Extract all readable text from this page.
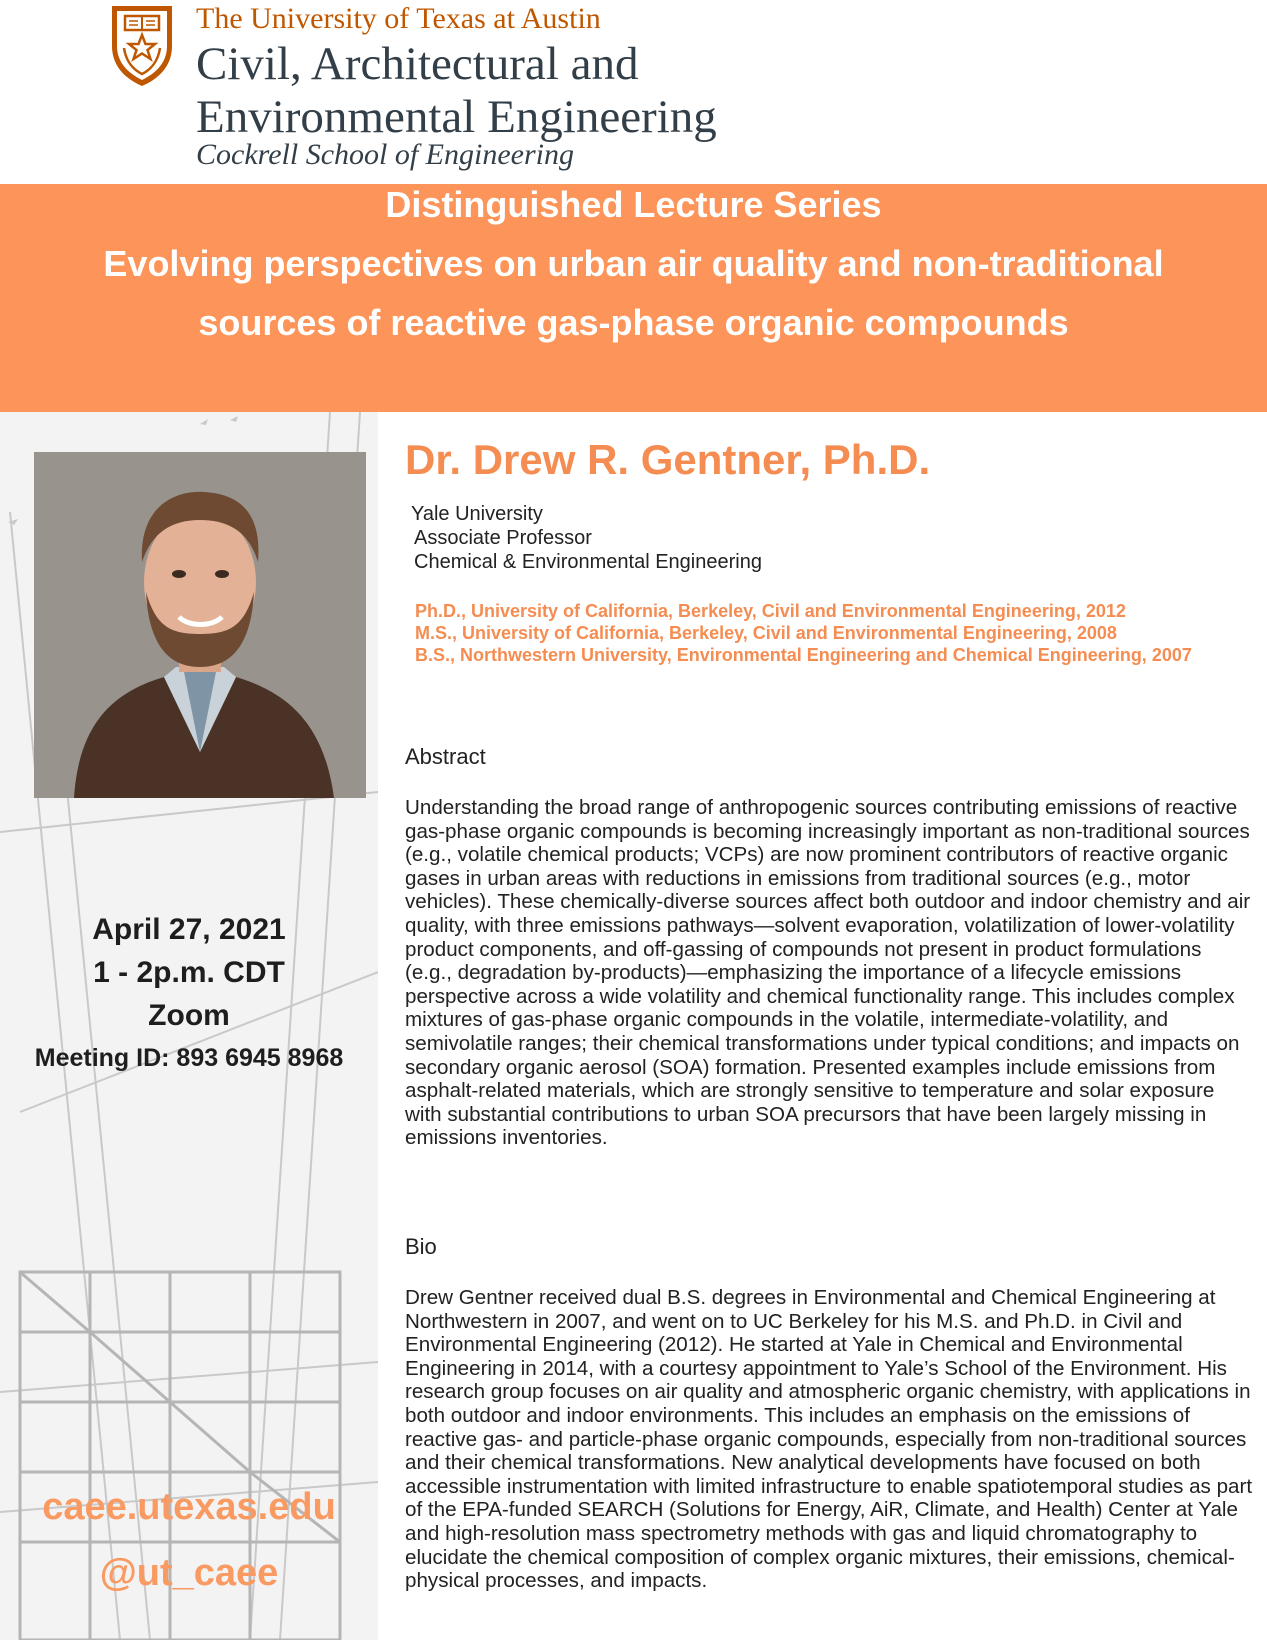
The University of Texas at Austin
Civil, Architectural and
Environmental Engineering
Cockrell School of Engineering
Distinguished Lecture Series
Evolving perspectives on urban air quality and non-traditional sources of reactive gas-phase organic compounds
April 27, 2021
1 - 2p.m. CDT
Zoom
Meeting ID: 893 6945 8968
caee.utexas.edu
@ut_caee
Dr. Drew R. Gentner, Ph.D.
Yale University
Associate Professor
Chemical & Environmental Engineering
Ph.D., University of California, Berkeley, Civil and Environmental Engineering, 2012
M.S., University of California, Berkeley, Civil and Environmental Engineering, 2008
B.S., Northwestern University, Environmental Engineering and Chemical Engineering, 2007
Abstract
Understanding the broad range of anthropogenic sources contributing emissions of reactive gas-phase organic compounds is becoming increasingly important as non-traditional sources (e.g., volatile chemical products; VCPs) are now prominent contributors of reactive organic gases in urban areas with reductions in emissions from traditional sources (e.g., motor vehicles). These chemically-diverse sources affect both outdoor and indoor chemistry and air quality, with three emissions pathways—solvent evaporation, volatilization of lower-volatility product components, and off-gassing of compounds not present in product formulations (e.g., degradation by-products)—emphasizing the importance of a lifecycle emissions perspective across a wide volatility and chemical functionality range. This includes complex mixtures of gas-phase organic compounds in the volatile, intermediate-volatility, and semivolatile ranges; their chemical transformations under typical conditions; and impacts on secondary organic aerosol (SOA) formation. Presented examples include emissions from asphalt-related materials, which are strongly sensitive to temperature and solar exposure with substantial contributions to urban SOA precursors that have been largely missing in emissions inventories.
Bio
Drew Gentner received dual B.S. degrees in Environmental and Chemical Engineering at Northwestern in 2007, and went on to UC Berkeley for his M.S. and Ph.D. in Civil and Environmental Engineering (2012). He started at Yale in Chemical and Environmental Engineering in 2014, with a courtesy appointment to Yale’s School of the Environment. His research group focuses on air quality and atmospheric organic chemistry, with applications in both outdoor and indoor environments. This includes an emphasis on the emissions of reactive gas- and particle-phase organic compounds, especially from non-traditional sources and their chemical transformations. New analytical developments have focused on both accessible instrumentation with limited infrastructure to enable spatiotemporal studies as part of the EPA-funded SEARCH (Solutions for Energy, AiR, Climate, and Health) Center at Yale and high-resolution mass spectrometry methods with gas and liquid chromatography to elucidate the chemical composition of complex organic mixtures, their emissions, chemical-physical processes, and impacts.
